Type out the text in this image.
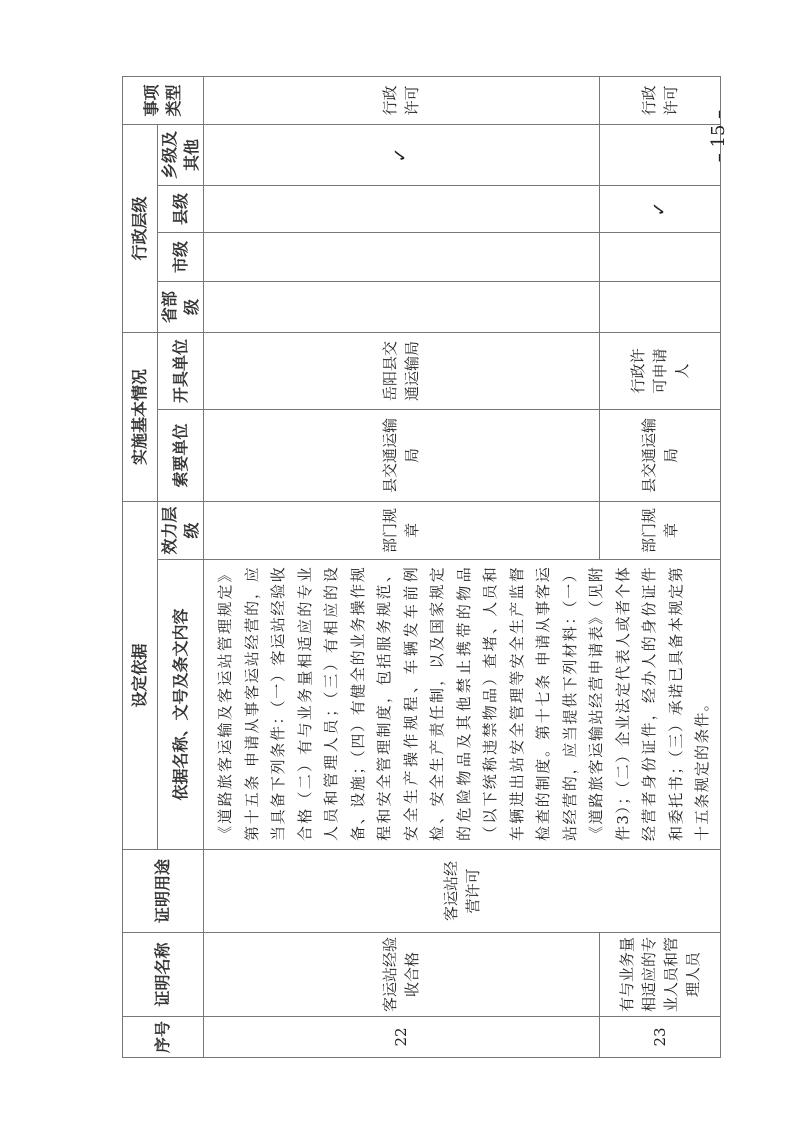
序号	证明名称	证明用途	设定依据		实施基本情况		行政层级				事项类型
			依据名称、文号及条文内容	效力层级	索要单位	开具单位	省部级	市级	县级	乡级及其他	
22	客运站经验收合格	客运站经营许可	《道路旅客运输及客运站管理规定》第十五条 申请从事客运站经营的，应当具备下列条件：（一）客运站经验收合格（二）有与业务量相适应的专业人员和管理人员；（三）有相应的设备、设施；（四）有健全的业务操作规程和安全管理制度，包括服务规范、安全生产操作规程、车辆发车前例检、安全生产责任制，以及国家规定的危险物品及其他禁止携带的物品（以下统称违禁物品）查堵、人员和车辆进出站安全管理等安全生产监督检查的制度。第十七条 申请从事客运站经营的，应当提供下列材料：（一）《道路旅客运输站经营申请表》（见附件3）；（二）企业法定代表人或者个体经营者身份证件，经办人的身份证件和委托书；（三）承诺已具备本规定第十五条规定的条件。	部门规章	县交通运输局	岳阳县交通运输局				✓	行政许可
23	有与业务量相适应的专业人员和管理人员			部门规章	县交通运输局	行政许可申请人			✓		行政许可
– 15 –
